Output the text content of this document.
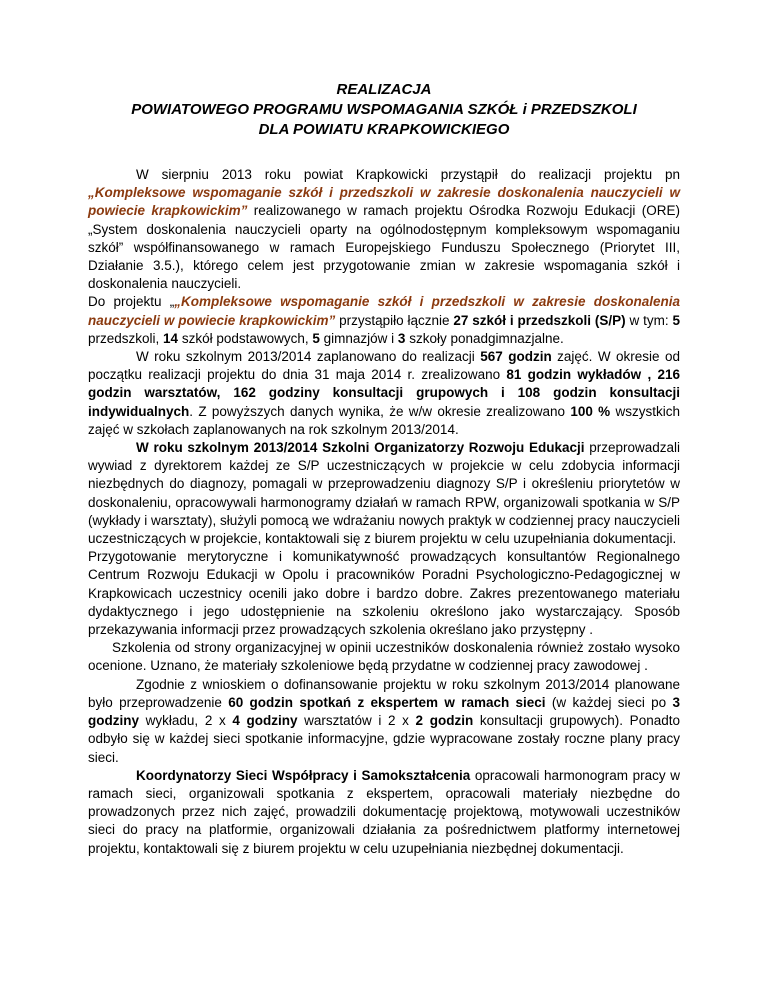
REALIZACJA
POWIATOWEGO PROGRAMU WSPOMAGANIA SZKÓŁ i PRZEDSZKOLI
DLA POWIATU KRAPKOWICKIEGO

W sierpniu 2013 roku powiat Krapkowicki przystąpił do realizacji projektu pn „Kompleksowe wspomaganie szkół i przedszkoli w zakresie doskonalenia nauczycieli w powiecie krapkowickim” realizowanego w ramach projektu Ośrodka Rozwoju Edukacji (ORE) „System doskonalenia nauczycieli oparty na ogólnodostępnym kompleksowym wspomaganiu szkół” współfinansowanego w ramach Europejskiego Funduszu Społecznego (Priorytet III, Działanie 3.5.), którego celem jest przygotowanie zmian w zakresie wspomagania szkół i doskonalenia nauczycieli.

Do projektu „„Kompleksowe wspomaganie szkół i przedszkoli w zakresie doskonalenia nauczycieli w powiecie krapkowickim” przystąpiło łącznie 27 szkół i przedszkoli (S/P) w tym: 5 przedszkoli, 14 szkół podstawowych, 5 gimnazjów i 3 szkoły ponadgimnazjalne.

W roku szkolnym 2013/2014 zaplanowano do realizacji 567 godzin zajęć. W okresie od początku realizacji projektu do dnia 31 maja 2014 r. zrealizowano 81 godzin wykładów , 216 godzin warsztatów, 162 godziny konsultacji grupowych i 108 godzin konsultacji indywidualnych. Z powyższych danych wynika, że w/w okresie zrealizowano 100 % wszystkich zajęć w szkołach zaplanowanych na rok szkolnym 2013/2014.

W roku szkolnym 2013/2014 Szkolni Organizatorzy Rozwoju Edukacji przeprowadzali wywiad z dyrektorem każdej ze S/P uczestniczących w projekcie w celu zdobycia informacji niezbędnych do diagnozy, pomagali w przeprowadzeniu diagnozy S/P i określeniu priorytetów w doskonaleniu, opracowywali harmonogramy działań w ramach RPW, organizowali spotkania w S/P (wykłady i warsztaty), służyli pomocą we wdrażaniu nowych praktyk w codziennej pracy nauczycieli uczestniczących w projekcie, kontaktowali się z biurem projektu w celu uzupełniania dokumentacji.

Przygotowanie merytoryczne i komunikatywność prowadzących konsultantów Regionalnego Centrum Rozwoju Edukacji w Opolu i pracowników Poradni Psychologiczno-Pedagogicznej w Krapkowicach uczestnicy ocenili jako dobre i bardzo dobre. Zakres prezentowanego materiału dydaktycznego i jego udostępnienie na szkoleniu określono jako wystarczający. Sposób przekazywania informacji przez prowadzących szkolenia określano jako przystępny .

Szkolenia od strony organizacyjnej w opinii uczestników doskonalenia również zostało wysoko ocenione. Uznano, że materiały szkoleniowe będą przydatne w codziennej pracy zawodowej .

Zgodnie z wnioskiem o dofinansowanie projektu w roku szkolnym 2013/2014 planowane było przeprowadzenie 60 godzin spotkań z ekspertem w ramach sieci (w każdej sieci po 3 godziny wykładu, 2 x 4 godziny warsztatów i 2 x 2 godzin konsultacji grupowych). Ponadto odbyło się w każdej sieci spotkanie informacyjne, gdzie wypracowane zostały roczne plany pracy sieci.

Koordynatorzy Sieci Współpracy i Samokształcenia opracowali harmonogram pracy w ramach sieci, organizowali spotkania z ekspertem, opracowali materiały niezbędne do prowadzonych przez nich zajęć, prowadzili dokumentację projektową, motywowali uczestników sieci do pracy na platformie, organizowali działania za pośrednictwem platformy internetowej projektu, kontaktowali się z biurem projektu w celu uzupełniania niezbędnej dokumentacji.
